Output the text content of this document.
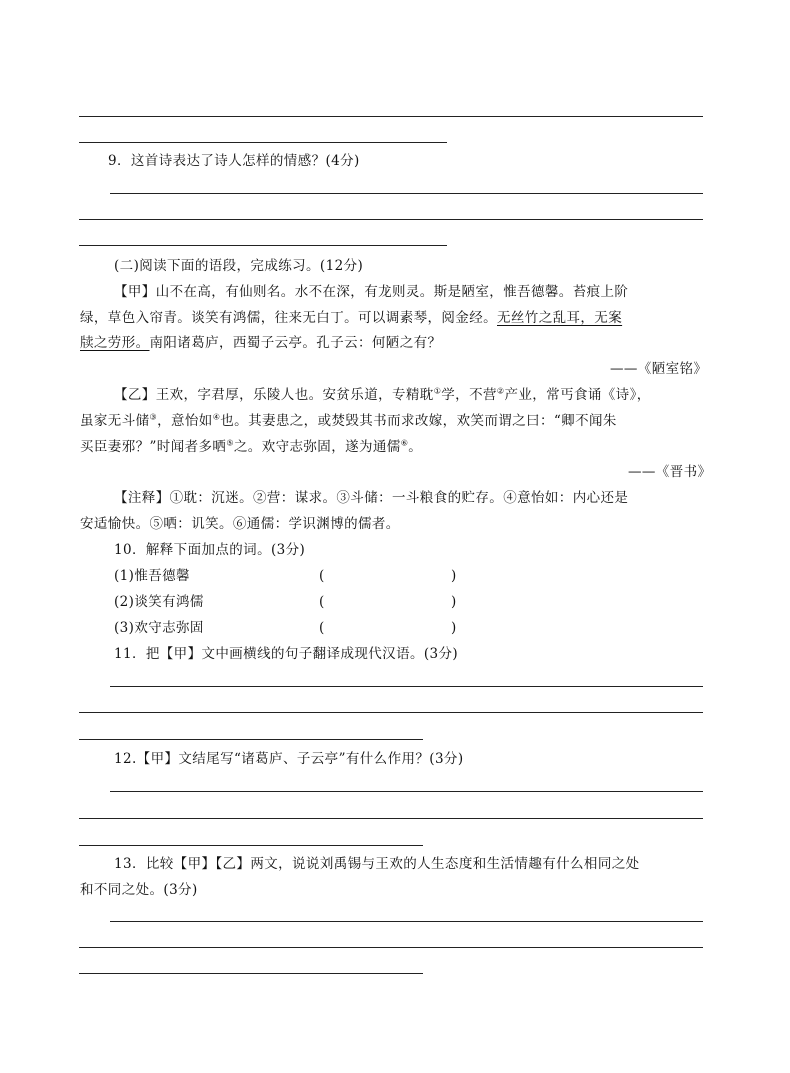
9．这首诗表达了诗人怎样的情感？(4分)
(二)阅读下面的语段，完成练习。(12分)
【甲】山不在高，有仙则名。水不在深，有龙则灵。斯是陋室，惟吾德馨。苔痕上阶
绿，草色入帘青。谈笑有鸿儒，往来无白丁。可以调素琴，阅金经。无丝竹之乱耳，无案
牍之劳形。南阳诸葛庐，西蜀子云亭。孔子云：何陋之有？
——《陋室铭》
【乙】王欢，字君厚，乐陵人也。安贫乐道，专精耽①学，不营②产业，常丐食诵《诗》，
虽家无斗储③，意怡如④也。其妻患之，或焚毁其书而求改嫁，欢笑而谓之曰：“卿不闻朱
买臣妻邪？”时闻者多哂⑤之。欢守志弥固，遂为通儒⑥。
——《晋书》
【注释】①耽：沉迷。②营：谋求。③斗储：一斗粮食的贮存。④意怡如：内心还是
安适愉快。⑤哂：讥笑。⑥通儒：学识渊博的儒者。
10．解释下面加点的词。(3分)
(1)惟吾德馨	(	)
(2)谈笑有鸿儒	(	)
(3)欢守志弥固	(	)
11．把【甲】文中画横线的句子翻译成现代汉语。(3分)
12.【甲】文结尾写“诸葛庐、子云亭”有什么作用？(3分)
13．比较【甲】【乙】两文，说说刘禹锡与王欢的人生态度和生活情趣有什么相同之处
和不同之处。(3分)
